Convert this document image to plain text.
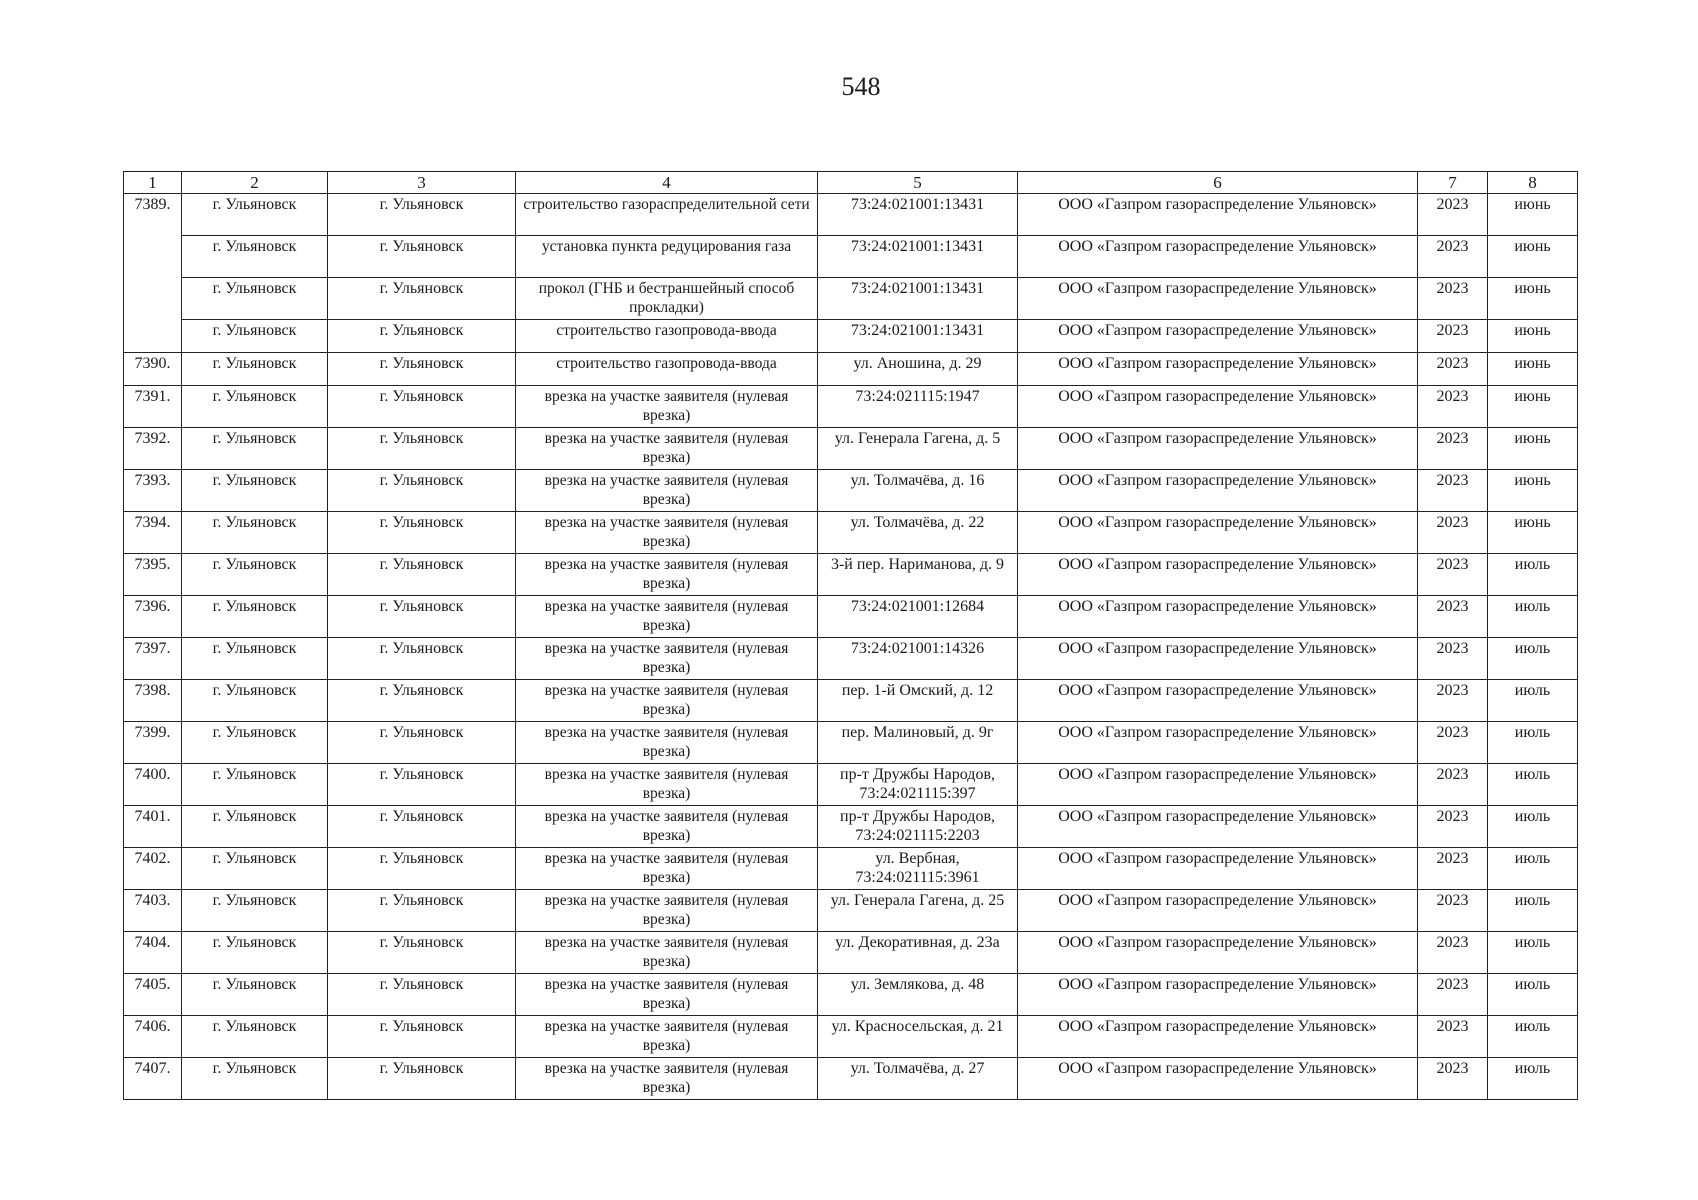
548
1	2	3	4	5	6	7	8
7389.	г. Ульяновск	г. Ульяновск	строительство газораспределительной сети	73:24:021001:13431	ООО «Газпром газораспределение Ульяновск»	2023	июнь
	г. Ульяновск	г. Ульяновск	установка пункта редуцирования газа	73:24:021001:13431	ООО «Газпром газораспределение Ульяновск»	2023	июнь
	г. Ульяновск	г. Ульяновск	прокол (ГНБ и бестраншейный способ прокладки)	73:24:021001:13431	ООО «Газпром газораспределение Ульяновск»	2023	июнь
	г. Ульяновск	г. Ульяновск	строительство газопровода-ввода	73:24:021001:13431	ООО «Газпром газораспределение Ульяновск»	2023	июнь
7390.	г. Ульяновск	г. Ульяновск	строительство газопровода-ввода	ул. Аношина, д. 29	ООО «Газпром газораспределение Ульяновск»	2023	июнь
7391.	г. Ульяновск	г. Ульяновск	врезка на участке заявителя (нулевая врезка)	73:24:021115:1947	ООО «Газпром газораспределение Ульяновск»	2023	июнь
7392.	г. Ульяновск	г. Ульяновск	врезка на участке заявителя (нулевая врезка)	ул. Генерала Гагена, д. 5	ООО «Газпром газораспределение Ульяновск»	2023	июнь
7393.	г. Ульяновск	г. Ульяновск	врезка на участке заявителя (нулевая врезка)	ул. Толмачёва, д. 16	ООО «Газпром газораспределение Ульяновск»	2023	июнь
7394.	г. Ульяновск	г. Ульяновск	врезка на участке заявителя (нулевая врезка)	ул. Толмачёва, д. 22	ООО «Газпром газораспределение Ульяновск»	2023	июнь
7395.	г. Ульяновск	г. Ульяновск	врезка на участке заявителя (нулевая врезка)	3-й пер. Нариманова, д. 9	ООО «Газпром газораспределение Ульяновск»	2023	июль
7396.	г. Ульяновск	г. Ульяновск	врезка на участке заявителя (нулевая врезка)	73:24:021001:12684	ООО «Газпром газораспределение Ульяновск»	2023	июль
7397.	г. Ульяновск	г. Ульяновск	врезка на участке заявителя (нулевая врезка)	73:24:021001:14326	ООО «Газпром газораспределение Ульяновск»	2023	июль
7398.	г. Ульяновск	г. Ульяновск	врезка на участке заявителя (нулевая врезка)	пер. 1-й Омский, д. 12	ООО «Газпром газораспределение Ульяновск»	2023	июль
7399.	г. Ульяновск	г. Ульяновск	врезка на участке заявителя (нулевая врезка)	пер. Малиновый, д. 9г	ООО «Газпром газораспределение Ульяновск»	2023	июль
7400.	г. Ульяновск	г. Ульяновск	врезка на участке заявителя (нулевая врезка)	пр-т Дружбы Народов, 73:24:021115:397	ООО «Газпром газораспределение Ульяновск»	2023	июль
7401.	г. Ульяновск	г. Ульяновск	врезка на участке заявителя (нулевая врезка)	пр-т Дружбы Народов, 73:24:021115:2203	ООО «Газпром газораспределение Ульяновск»	2023	июль
7402.	г. Ульяновск	г. Ульяновск	врезка на участке заявителя (нулевая врезка)	ул. Вербная, 73:24:021115:3961	ООО «Газпром газораспределение Ульяновск»	2023	июль
7403.	г. Ульяновск	г. Ульяновск	врезка на участке заявителя (нулевая врезка)	ул. Генерала Гагена, д. 25	ООО «Газпром газораспределение Ульяновск»	2023	июль
7404.	г. Ульяновск	г. Ульяновск	врезка на участке заявителя (нулевая врезка)	ул. Декоративная, д. 23а	ООО «Газпром газораспределение Ульяновск»	2023	июль
7405.	г. Ульяновск	г. Ульяновск	врезка на участке заявителя (нулевая врезка)	ул. Землякова, д. 48	ООО «Газпром газораспределение Ульяновск»	2023	июль
7406.	г. Ульяновск	г. Ульяновск	врезка на участке заявителя (нулевая врезка)	ул. Красносельская, д. 21	ООО «Газпром газораспределение Ульяновск»	2023	июль
7407.	г. Ульяновск	г. Ульяновск	врезка на участке заявителя (нулевая врезка)	ул. Толмачёва, д. 27	ООО «Газпром газораспределение Ульяновск»	2023	июль
